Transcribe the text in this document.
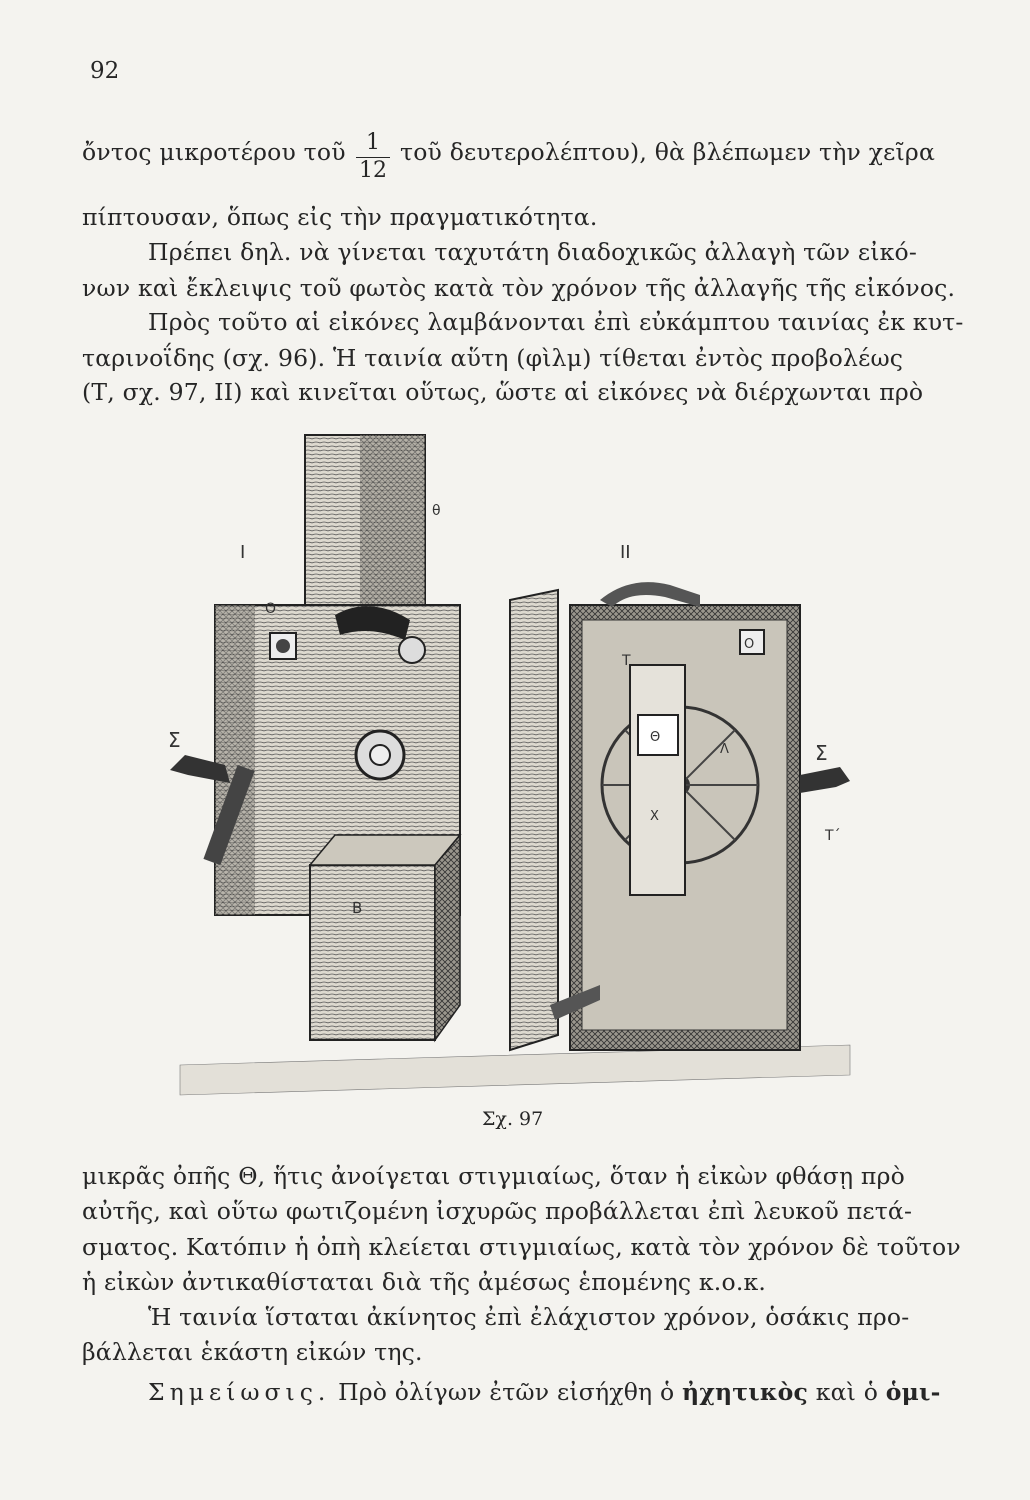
92
ὄντος μικροτέρου τοῦ 1
12
τοῦ δευτερολέπτου), θὰ βλέπωμεν τὴν χεῖρα
πίπτουσαν, ὅπως εἰς τὴν πραγματικότητα.
Πρέπει δηλ. νὰ γίνεται ταχυτάτη διαδοχικῶς ἀλλαγὴ τῶν εἰκό-
νων καὶ ἔκλειψις τοῦ φωτὸς κατὰ τὸν χρόνον τῆς ἀλλαγῆς τῆς εἰκόνος.
Πρὸς τοῦτο αἱ εἰκόνες λαμβάνονται ἐπὶ εὐκάμπτου ταινίας ἐκ κυτ-
ταρινοΐδης (σχ. 96). Ἡ ταινία αὕτη (φὶλμ) τίθεται ἐντὸς προβολέως
(Τ, σχ. 97, ΙΙ) καὶ κινεῖται οὕτως, ὥστε αἱ εἰκόνες νὰ διέρχωνται πρὸ
I	II
θ
O
Σ
B
T
Θ
Λ
X
O
Σ
T΄
Σχ. 97
μικρᾶς ὀπῆς Θ, ἥτις ἀνοίγεται στιγμιαίως, ὅταν ἡ εἰκὼν φθάσῃ πρὸ
αὐτῆς, καὶ οὕτω φωτιζομένη ἰσχυρῶς προβάλλεται ἐπὶ λευκοῦ πετά-
σματος. Κατόπιν ἡ ὀπὴ κλείεται στιγμιαίως, κατὰ τὸν χρόνον δὲ τοῦτον
ἡ εἰκὼν ἀντικαθίσταται διὰ τῆς ἀμέσως ἑπομένης κ.ο.κ.
Ἡ ταινία ἵσταται ἀκίνητος ἐπὶ ἐλάχιστον χρόνον, ὁσάκις προ-
βάλλεται ἑκάστη εἰκών της.
Σημείωσις. Πρὸ ὀλίγων ἐτῶν εἰσήχθη ὁ ἠχητικὸς καὶ ὁ ὁμι-
